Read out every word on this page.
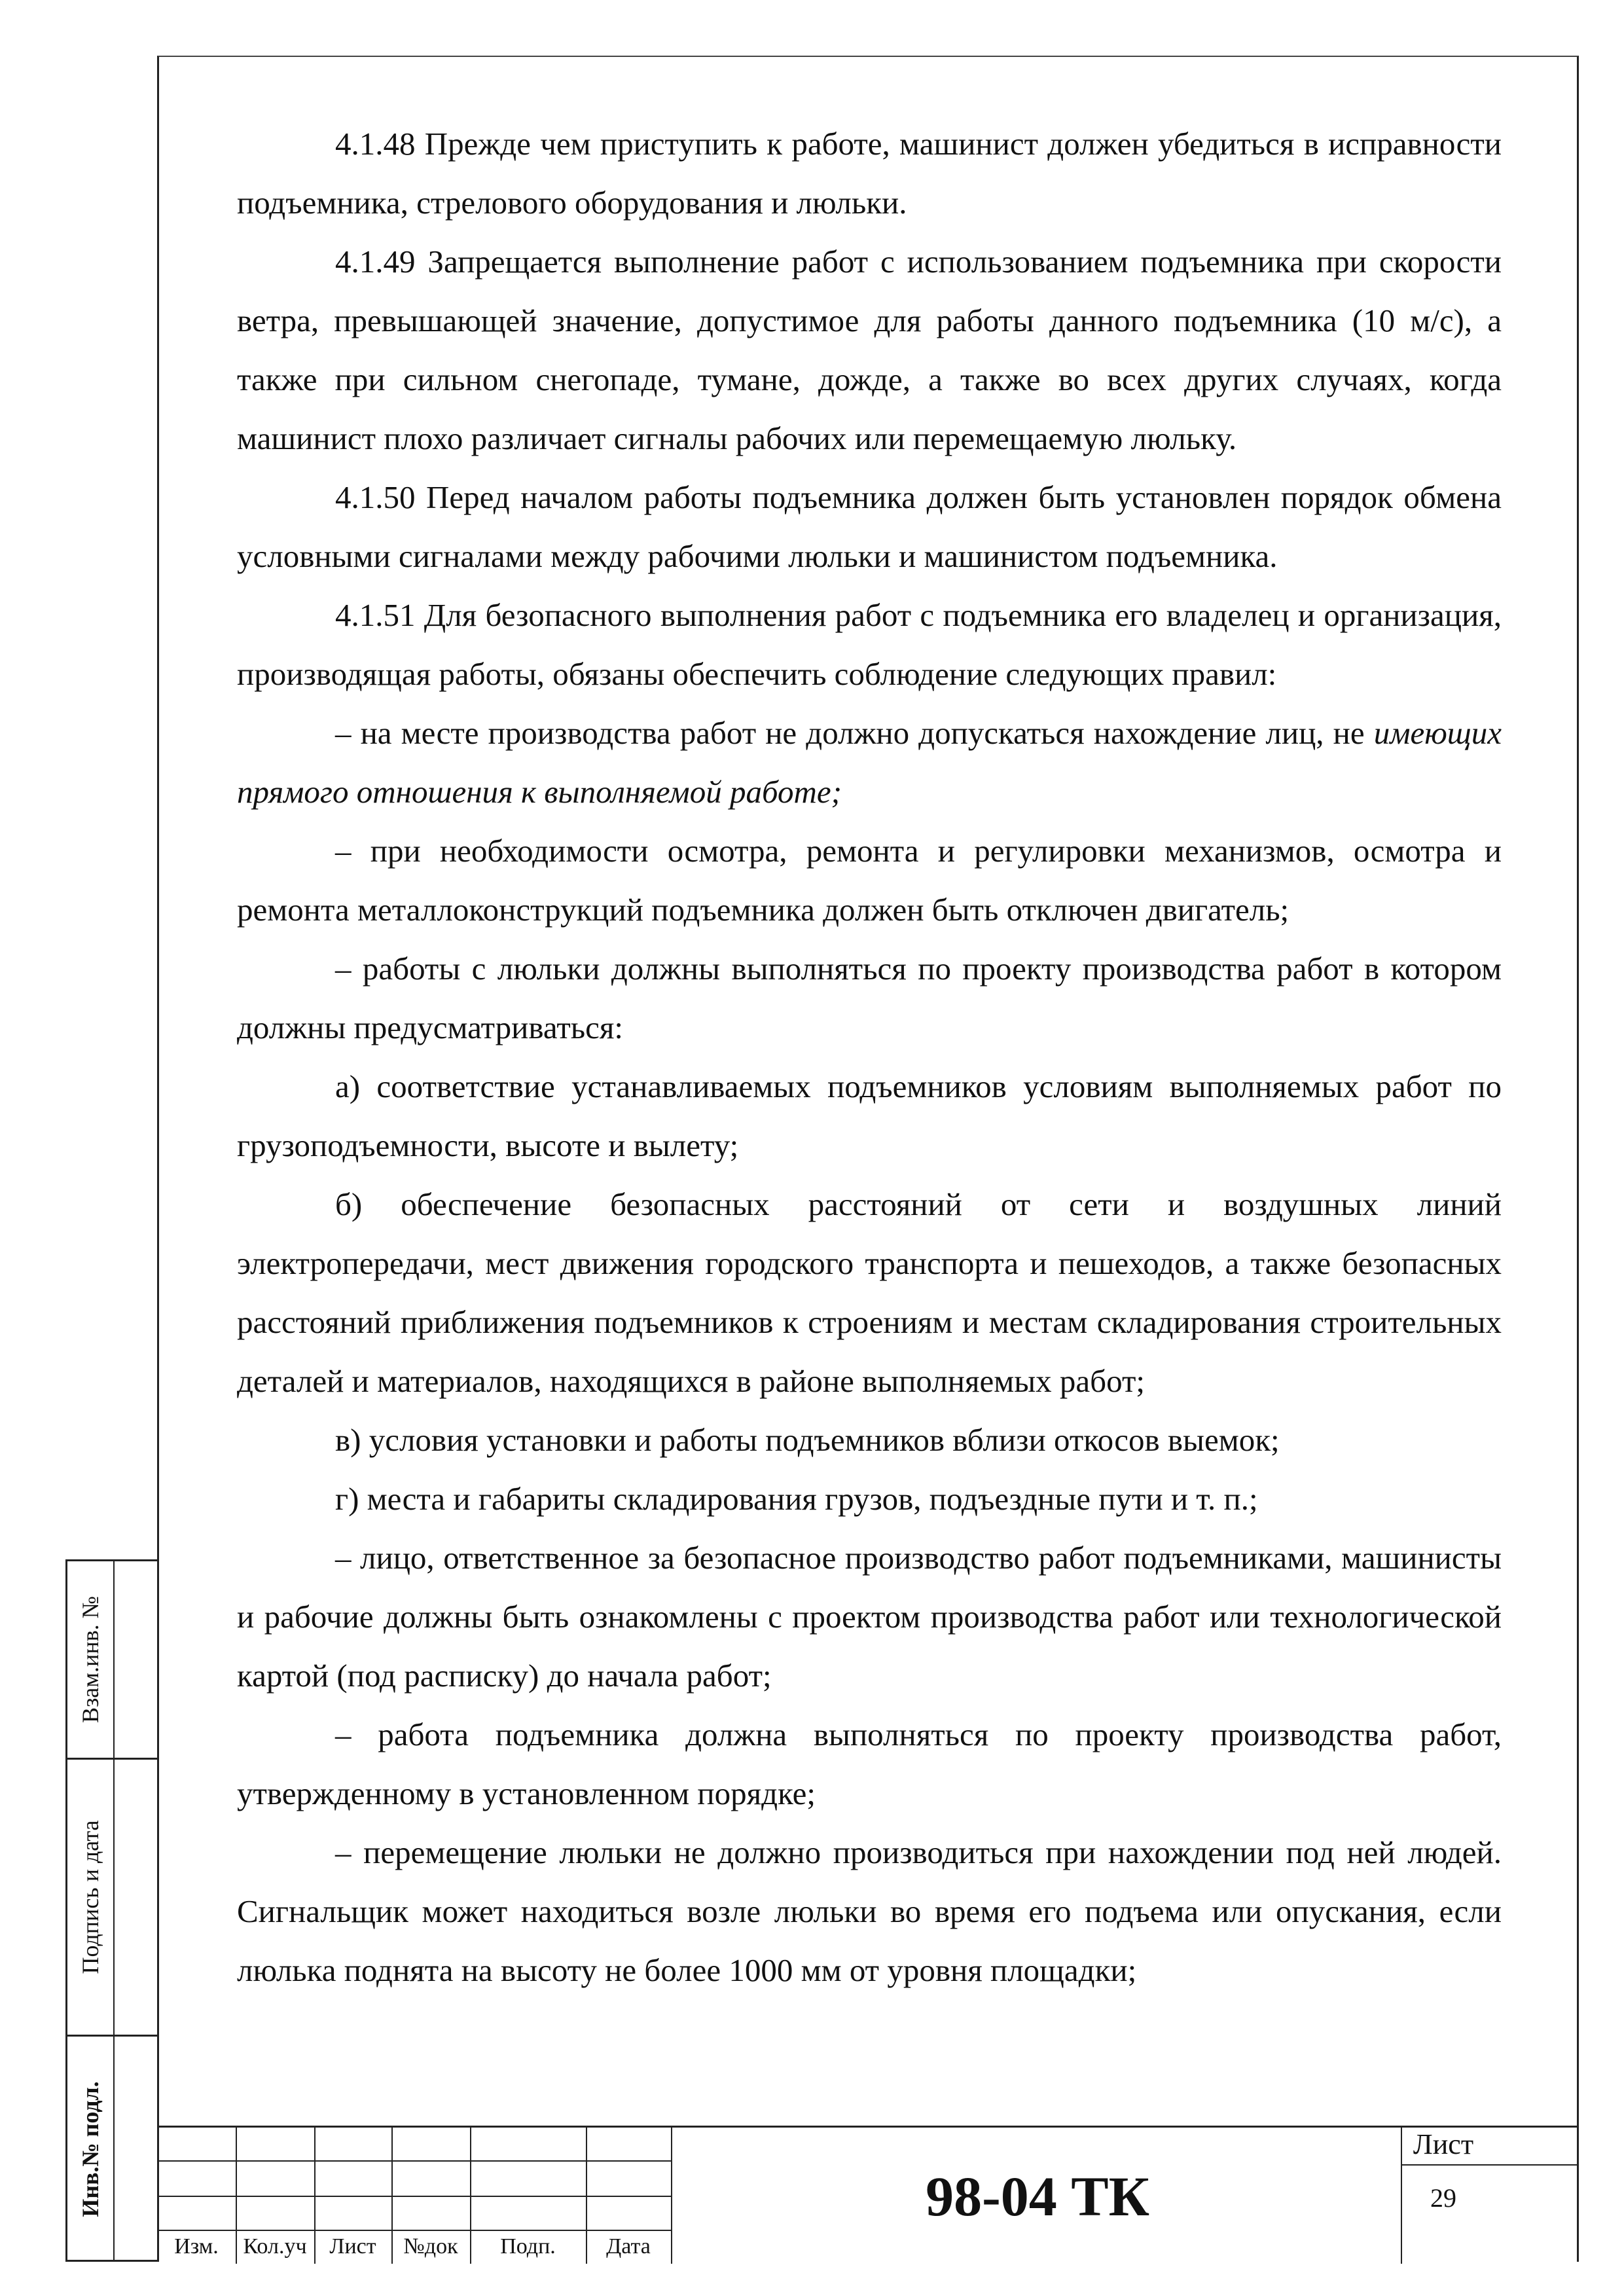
4.1.48 Прежде чем приступить к работе, машинист должен убедиться в исправности подъемника, стрелового оборудования и люльки.

4.1.49 Запрещается выполнение работ с использованием подъемника при скорости ветра, превышающей значение, допустимое для работы данного подъемника (10 м/с), а также при сильном снегопаде, тумане, дожде, а также во всех других случаях, когда машинист плохо различает сигналы рабочих или перемещаемую люльку.

4.1.50 Перед началом работы подъемника должен быть установлен порядок обмена условными сигналами между рабочими люльки и машинистом подъемника.

4.1.51 Для безопасного выполнения работ с подъемника его владелец и организация, производящая работы, обязаны обеспечить соблюдение следующих правил:

– на месте производства работ не должно допускаться нахождение лиц, не имеющих прямого отношения к выполняемой работе;

– при необходимости осмотра, ремонта и регулировки механизмов, осмотра и ремонта металлоконструкций подъемника должен быть отключен двигатель;

– работы с люльки должны выполняться по проекту производства работ в котором должны предусматриваться:

а) соответствие устанавливаемых подъемников условиям выполняемых работ по грузоподъемности, высоте и вылету;

б) обеспечение безопасных расстояний от сети и воздушных линий электропередачи, мест движения городского транспорта и пешеходов, а также безопасных расстояний приближения подъемников к строениям и местам складирования строительных деталей и материалов, находящихся в районе выполняемых работ;

в) условия установки и работы подъемников вблизи откосов выемок;

г) места и габариты складирования грузов, подъездные пути и т. п.;

– лицо, ответственное за безопасное производство работ подъемниками, машинисты и рабочие должны быть ознакомлены с проектом производства работ или технологической картой (под расписку) до начала работ;

– работа подъемника должна выполняться по проекту производства работ, утвержденному в установленном порядке;

– перемещение люльки не должно производиться при нахождении под ней людей. Сигнальщик может находиться возле люльки во время его подъема или опускания, если люлька поднята на высоту не более 1000 мм от уровня площадки;

Взам.инв. №
Подпись и дата
Инв.№ подл.
Изм.	Кол.уч	Лист	№док	Подп.	Дата
98-04 ТК
Лист
29
